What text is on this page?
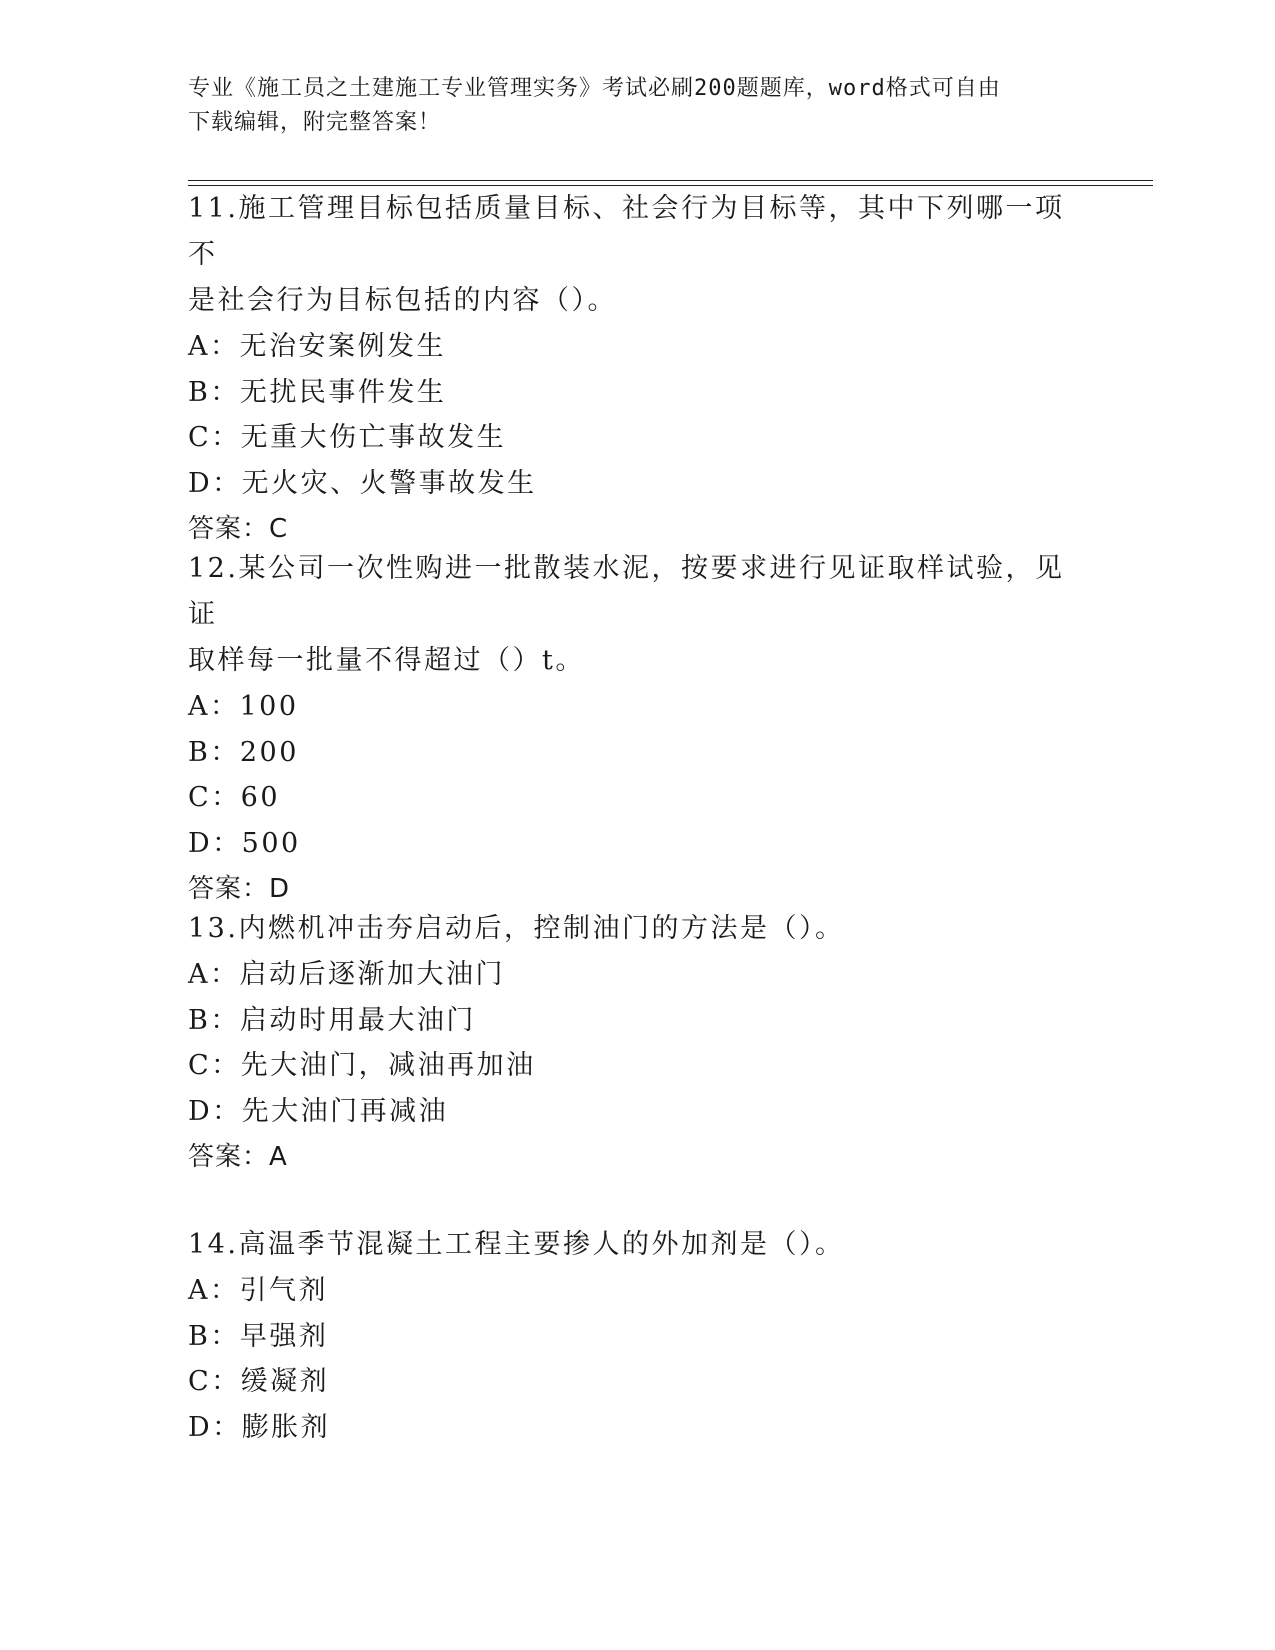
专业《施工员之土建施工专业管理实务》考试必刷200题题库，word格式可自由
下载编辑，附完整答案！

11.施工管理目标包括质量目标、社会行为目标等，其中下列哪一项不

是社会行为目标包括的内容（）。

A：无治安案例发生

B：无扰民事件发生

C：无重大伤亡事故发生

D：无火灾、火警事故发生

答案：C

12.某公司一次性购进一批散装水泥，按要求进行见证取样试验，见证

取样每一批量不得超过（）t。

A：100

B：200

C：60

D：500

答案：D

13.内燃机冲击夯启动后，控制油门的方法是（）。

A：启动后逐渐加大油门

B：启动时用最大油门

C：先大油门，减油再加油

D：先大油门再减油

答案：A

14.高温季节混凝土工程主要掺人的外加剂是（）。

A：引气剂

B：早强剂

C：缓凝剂

D：膨胀剂
